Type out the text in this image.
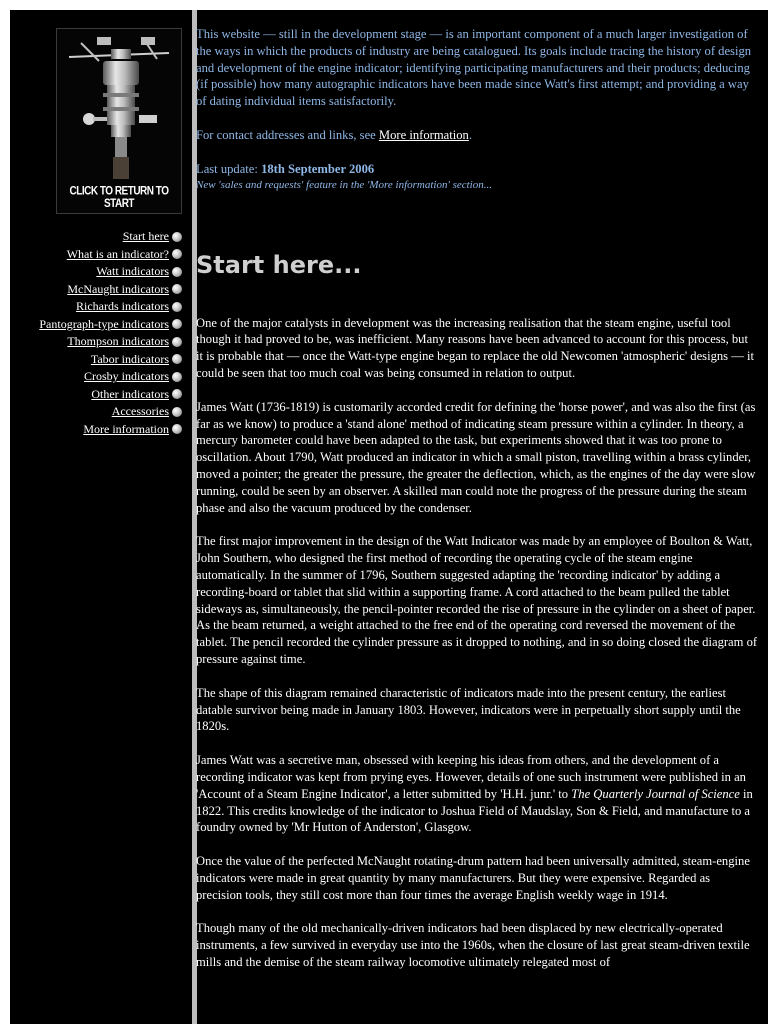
CLICK TO RETURN TO START
Start here
What is an indicator?
Watt indicators
McNaught indicators
Richards indicators
Pantograph-type indicators
Thompson indicators
Tabor indicators
Crosby indicators
Other indicators
Accessories
More information

This website — still in the development stage — is an important component of a much larger investigation of the ways in which the products of industry are being catalogued. Its goals include tracing the history of design and development of the engine indicator; identifying participating manufacturers and their products; deducing (if possible) how many autographic indicators have been made since Watt's first attempt; and providing a way of dating individual items satisfactorily.

For contact addresses and links, see More information.

Last update: 18th September 2006

New 'sales and requests' feature in the 'More information' section...

Start here...

One of the major catalysts in development was the increasing realisation that the steam engine, useful tool though it had proved to be, was inefficient. Many reasons have been advanced to account for this process, but it is probable that — once the Watt-type engine began to replace the old Newcomen 'atmospheric' designs — it could be seen that too much coal was being consumed in relation to output.

James Watt (1736-1819) is customarily accorded credit for defining the 'horse power', and was also the first (as far as we know) to produce a 'stand alone' method of indicating steam pressure within a cylinder. In theory, a mercury barometer could have been adapted to the task, but experiments showed that it was too prone to oscillation. About 1790, Watt produced an indicator in which a small piston, travelling within a brass cylinder, moved a pointer; the greater the pressure, the greater the deflection, which, as the engines of the day were slow running, could be seen by an observer. A skilled man could note the progress of the pressure during the steam phase and also the vacuum produced by the condenser.

The first major improvement in the design of the Watt Indicator was made by an employee of Boulton & Watt, John Southern, who designed the first method of recording the operating cycle of the steam engine automatically. In the summer of 1796, Southern suggested adapting the 'recording indicator' by adding a recording-board or tablet that slid within a supporting frame. A cord attached to the beam pulled the tablet sideways as, simultaneously, the pencil-pointer recorded the rise of pressure in the cylinder on a sheet of paper. As the beam returned, a weight attached to the free end of the operating cord reversed the movement of the tablet. The pencil recorded the cylinder pressure as it dropped to nothing, and in so doing closed the diagram of pressure against time.

The shape of this diagram remained characteristic of indicators made into the present century, the earliest datable survivor being made in January 1803. However, indicators were in perpetually short supply until the 1820s.

James Watt was a secretive man, obsessed with keeping his ideas from others, and the development of a recording indicator was kept from prying eyes. However, details of one such instrument were published in an 'Account of a Steam Engine Indicator', a letter submitted by 'H.H. junr.' to The Quarterly Journal of Science in 1822. This credits knowledge of the indicator to Joshua Field of Maudslay, Son & Field, and manufacture to a foundry owned by 'Mr Hutton of Anderston', Glasgow.

Once the value of the perfected McNaught rotating-drum pattern had been universally admitted, steam-engine indicators were made in great quantity by many manufacturers. But they were expensive. Regarded as precision tools, they still cost more than four times the average English weekly wage in 1914.

Though many of the old mechanically-driven indicators had been displaced by new electrically-operated instruments, a few survived in everyday use into the 1960s, when the closure of last great steam-driven textile mills and the demise of the steam railway locomotive ultimately relegated most of
